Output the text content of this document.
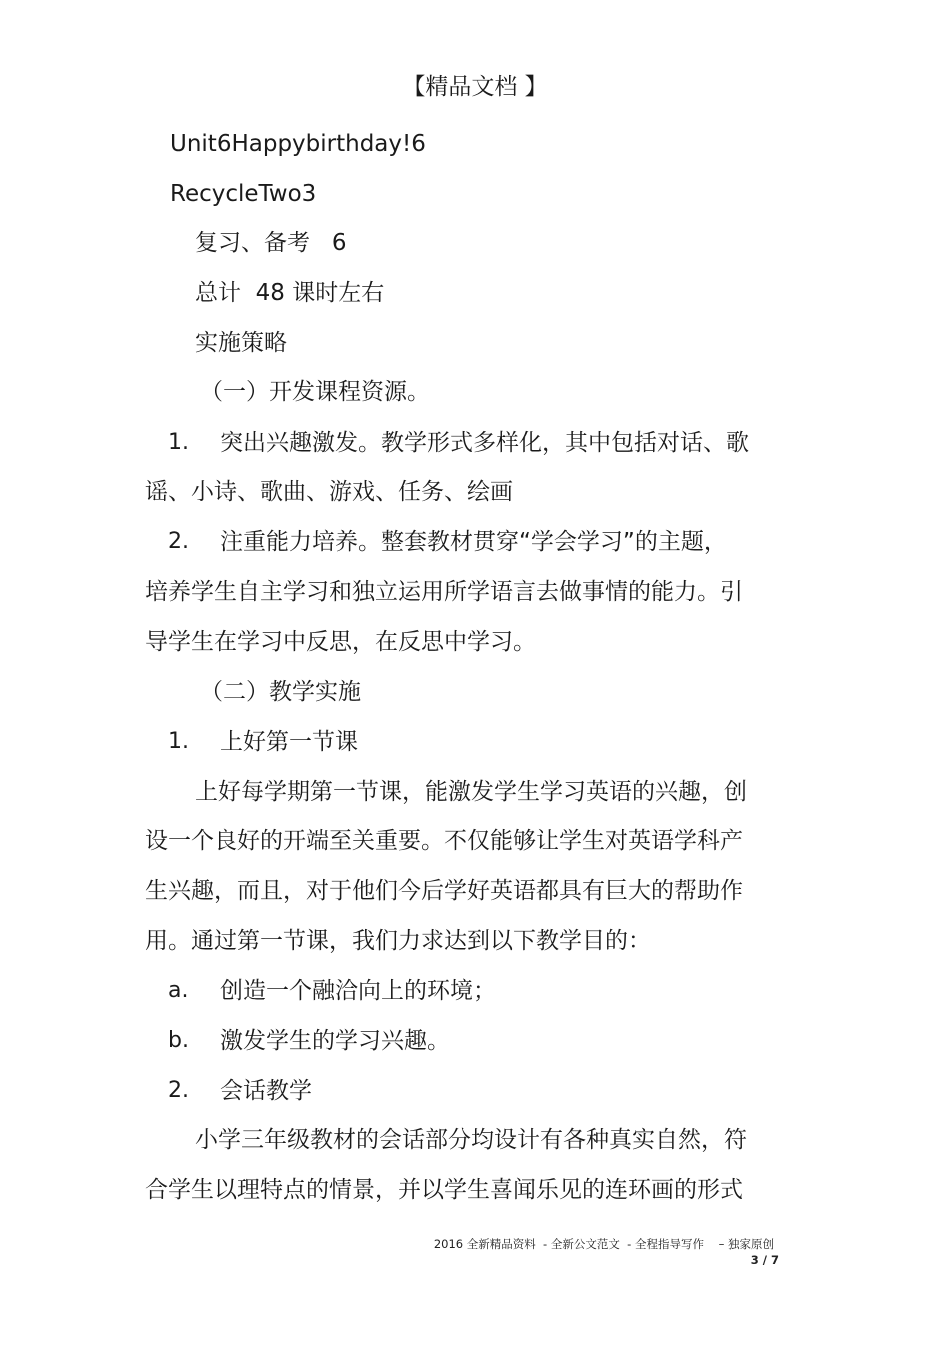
【精品文档 】
Unit6Happybirthday!6
RecycleTwo3
复习、备考   6
总计  48 课时左右
实施策略
（一）开发课程资源。
1. 突出兴趣激发。教学形式多样化，其中包括对话、歌
谣、小诗、歌曲、游戏、任务、绘画
2. 注重能力培养。整套教材贯穿“学会学习”的主题，
培养学生自主学习和独立运用所学语言去做事情的能力。引
导学生在学习中反思，在反思中学习。
（二）教学实施
1. 上好第一节课
上好每学期第一节课，能激发学生学习英语的兴趣，创
设一个良好的开端至关重要。不仅能够让学生对英语学科产
生兴趣，而且，对于他们今后学好英语都具有巨大的帮助作
用。通过第一节课，我们力求达到以下教学目的：
a. 创造一个融洽向上的环境；
b. 激发学生的学习兴趣。
2. 会话教学
小学三年级教材的会话部分均设计有各种真实自然，符
合学生以理特点的情景，并以学生喜闻乐见的连环画的形式
2016 全新精品资料  - 全新公文范文  - 全程指导写作    – 独家原创
3 / 7
